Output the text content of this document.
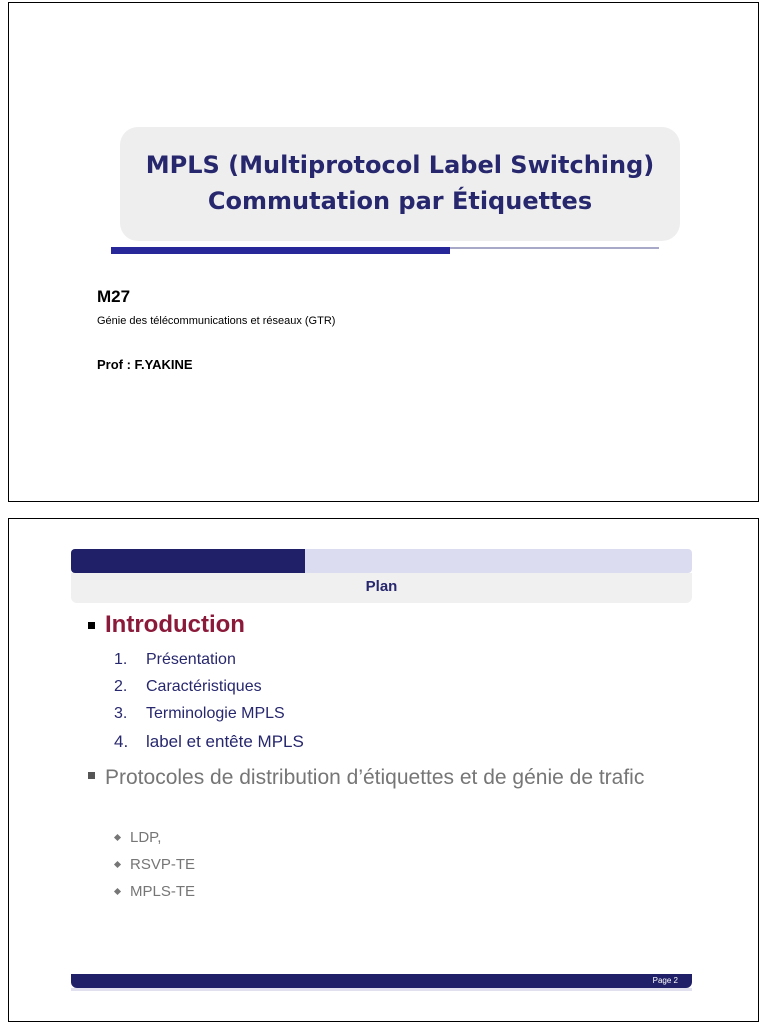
MPLS (Multiprotocol Label Switching)
Commutation par Étiquettes
M27
Génie des télécommunications et réseaux (GTR)
Prof : F.YAKINE
Plan
Introduction
1. Présentation
2. Caractéristiques
3. Terminologie MPLS
4. label et entête MPLS
Protocoles de distribution d’étiquettes et de génie de trafic
LDP,
RSVP-TE
MPLS-TE
Page 2
